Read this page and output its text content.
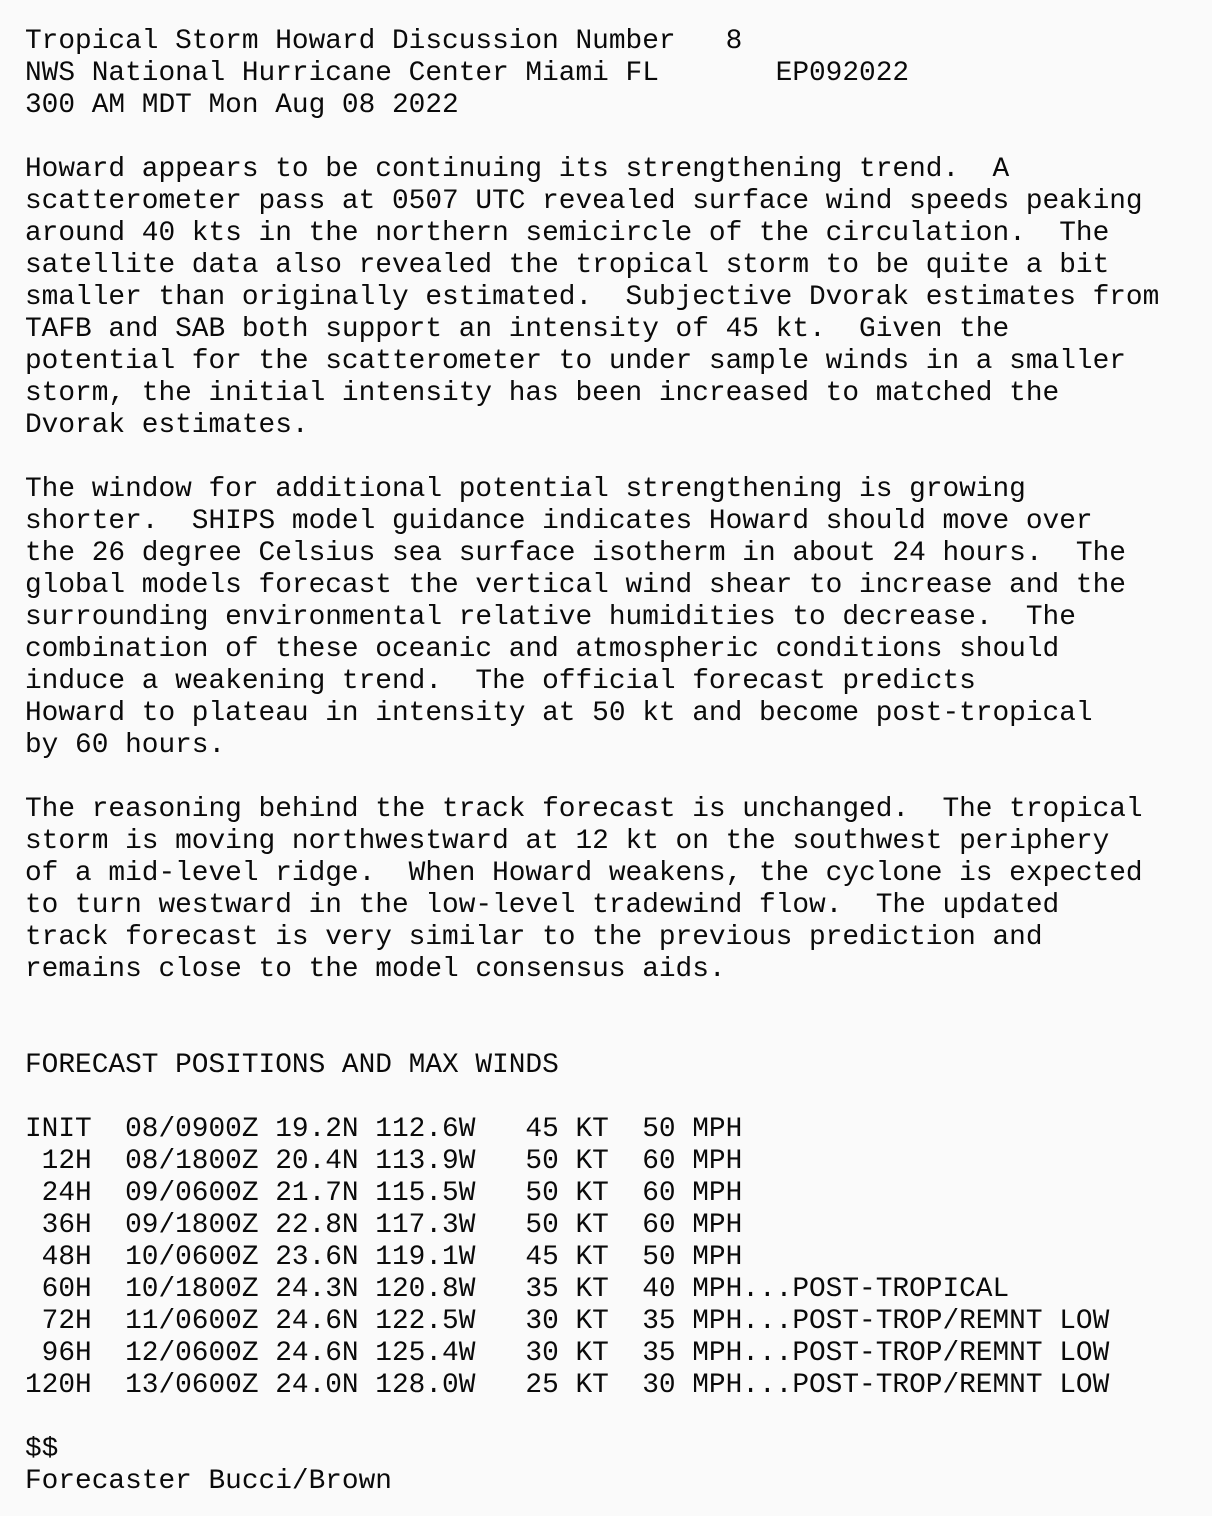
Tropical Storm Howard Discussion Number   8
NWS National Hurricane Center Miami FL       EP092022
300 AM MDT Mon Aug 08 2022
Howard appears to be continuing its strengthening trend.  A
scatterometer pass at 0507 UTC revealed surface wind speeds peaking
around 40 kts in the northern semicircle of the circulation.  The
satellite data also revealed the tropical storm to be quite a bit
smaller than originally estimated.  Subjective Dvorak estimates from
TAFB and SAB both support an intensity of 45 kt.  Given the
potential for the scatterometer to under sample winds in a smaller
storm, the initial intensity has been increased to matched the
Dvorak estimates.
The window for additional potential strengthening is growing
shorter.  SHIPS model guidance indicates Howard should move over
the 26 degree Celsius sea surface isotherm in about 24 hours.  The
global models forecast the vertical wind shear to increase and the
surrounding environmental relative humidities to decrease.  The
combination of these oceanic and atmospheric conditions should
induce a weakening trend.  The official forecast predicts
Howard to plateau in intensity at 50 kt and become post-tropical
by 60 hours.
The reasoning behind the track forecast is unchanged.  The tropical
storm is moving northwestward at 12 kt on the southwest periphery
of a mid-level ridge.  When Howard weakens, the cyclone is expected
to turn westward in the low-level tradewind flow.  The updated
track forecast is very similar to the previous prediction and
remains close to the model consensus aids.
FORECAST POSITIONS AND MAX WINDS
INIT  08/0900Z 19.2N 112.6W   45 KT  50 MPH
12H  08/1800Z 20.4N 113.9W   50 KT  60 MPH
24H  09/0600Z 21.7N 115.5W   50 KT  60 MPH
36H  09/1800Z 22.8N 117.3W   50 KT  60 MPH
48H  10/0600Z 23.6N 119.1W   45 KT  50 MPH
60H  10/1800Z 24.3N 120.8W   35 KT  40 MPH...POST-TROPICAL
72H  11/0600Z 24.6N 122.5W   30 KT  35 MPH...POST-TROP/REMNT LOW
96H  12/0600Z 24.6N 125.4W   30 KT  35 MPH...POST-TROP/REMNT LOW
120H  13/0600Z 24.0N 128.0W   25 KT  30 MPH...POST-TROP/REMNT LOW
$$
Forecaster Bucci/Brown
